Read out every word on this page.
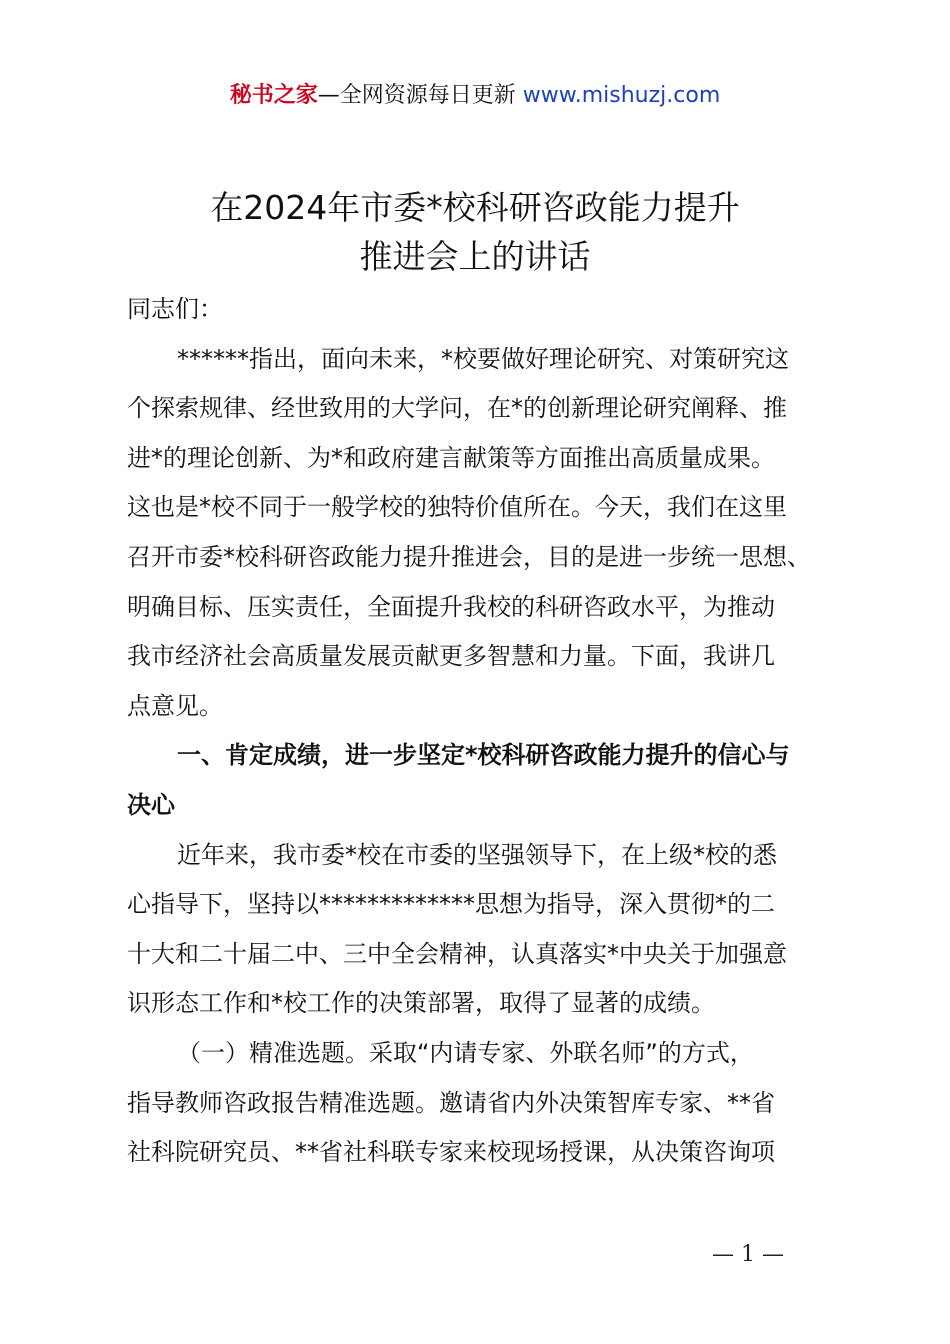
秘书之家—全网资源每日更新 www.mishuzj.com
在2024年市委*校科研咨政能力提升
推进会上的讲话
同志们：
******指出，面向未来，*校要做好理论研究、对策研究这
个探索规律、经世致用的大学问，在*的创新理论研究阐释、推
进*的理论创新、为*和政府建言献策等方面推出高质量成果。
这也是*校不同于一般学校的独特价值所在。今天，我们在这里
召开市委*校科研咨政能力提升推进会，目的是进一步统一思想、
明确目标、压实责任，全面提升我校的科研咨政水平，为推动
我市经济社会高质量发展贡献更多智慧和力量。下面，我讲几
点意见。
一、肯定成绩，进一步坚定*校科研咨政能力提升的信心与
决心
近年来，我市委*校在市委的坚强领导下，在上级*校的悉
心指导下，坚持以*************思想为指导，深入贯彻*的二
十大和二十届二中、三中全会精神，认真落实*中央关于加强意
识形态工作和*校工作的决策部署，取得了显著的成绩。
（一）精准选题。采取“内请专家、外联名师”的方式，
指导教师咨政报告精准选题。邀请省内外决策智库专家、**省
社科院研究员、**省社科联专家来校现场授课，从决策咨询项
— 1 —
